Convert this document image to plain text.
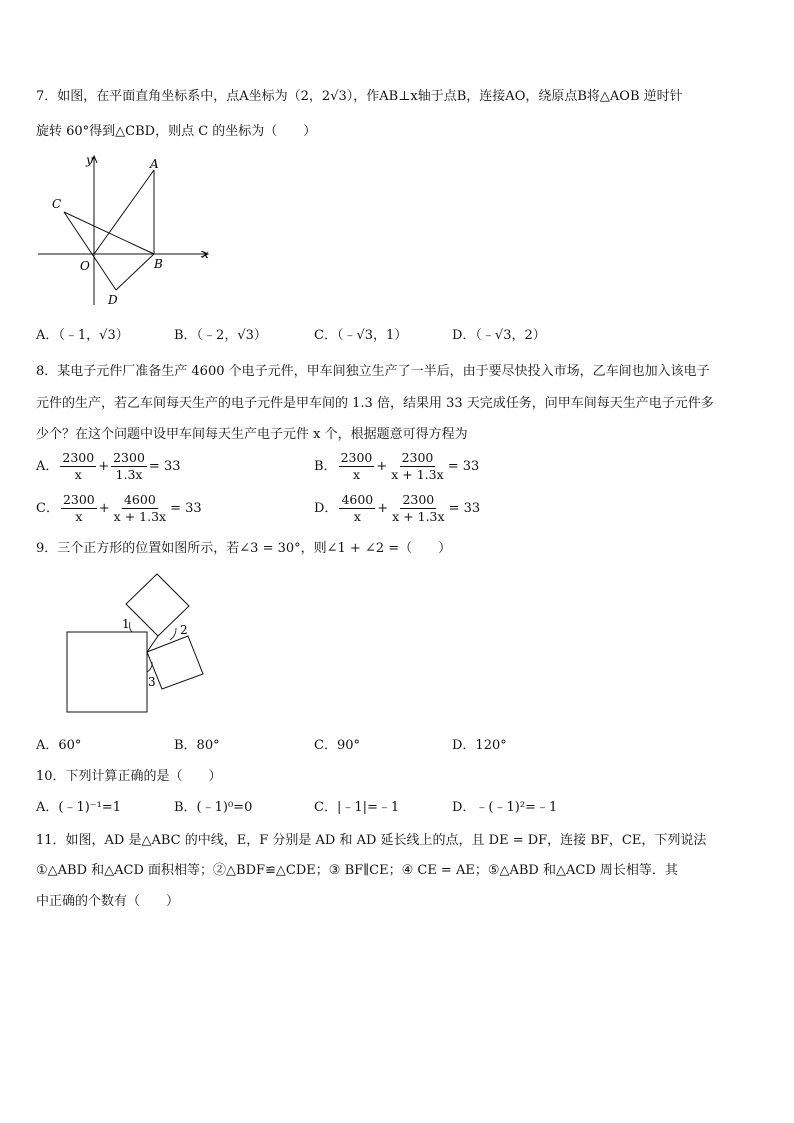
7．如图，在平面直角坐标系中，点A坐标为（2，2√3），作AB⊥x轴于点B，连接AO，绕原点B将△AOB 逆时针
旋转 60°得到△CBD，则点 C 的坐标为（　　）
y
x
A
B
C
O
D
A．（﹣1，√3）	B．（﹣2，√3）	C．（﹣√3，1）	D．（﹣√3，2）
8．某电子元件厂准备生产 4600 个电子元件，甲车间独立生产了一半后，由于要尽快投入市场，乙车间也加入该电子
元件的生产，若乙车间每天生产的电子元件是甲车间的 1.3 倍，结果用 33 天完成任务，问甲车间每天生产电子元件多
少个？在这个问题中设甲车间每天生产电子元件 x 个，根据题意可得方程为
A． $\frac{2300}{x} + \frac{2300}{1.3x} = 33$	B． $\frac{2300}{x} + \frac{2300}{x + 1.3x} = 33$
C． $\frac{2300}{x} + \frac{4600}{x + 1.3x} = 33$	D． $\frac{4600}{x} + \frac{2300}{x + 1.3x} = 33$
9．三个正方形的位置如图所示，若∠3 = 30°，则∠1 + ∠2 =（　　）
1	2
3
A．60°	B．80°	C．90°	D．120°
10．下列计算正确的是（　　）
A．(﹣1)⁻¹=1	B．(﹣1)⁰=0	C．|﹣1|=﹣1	D．﹣(﹣1)²=﹣1
11．如图，AD 是△ABC 的中线，E，F 分别是 AD 和 AD 延长线上的点，且 DE = DF，连接 BF，CE，下列说法
①△ABD 和△ACD 面积相等；②△BDF≌△CDE；③ BF∥CE；④ CE = AE；⑤△ABD 和△ACD 周长相等．其
中正确的个数有（　　）
